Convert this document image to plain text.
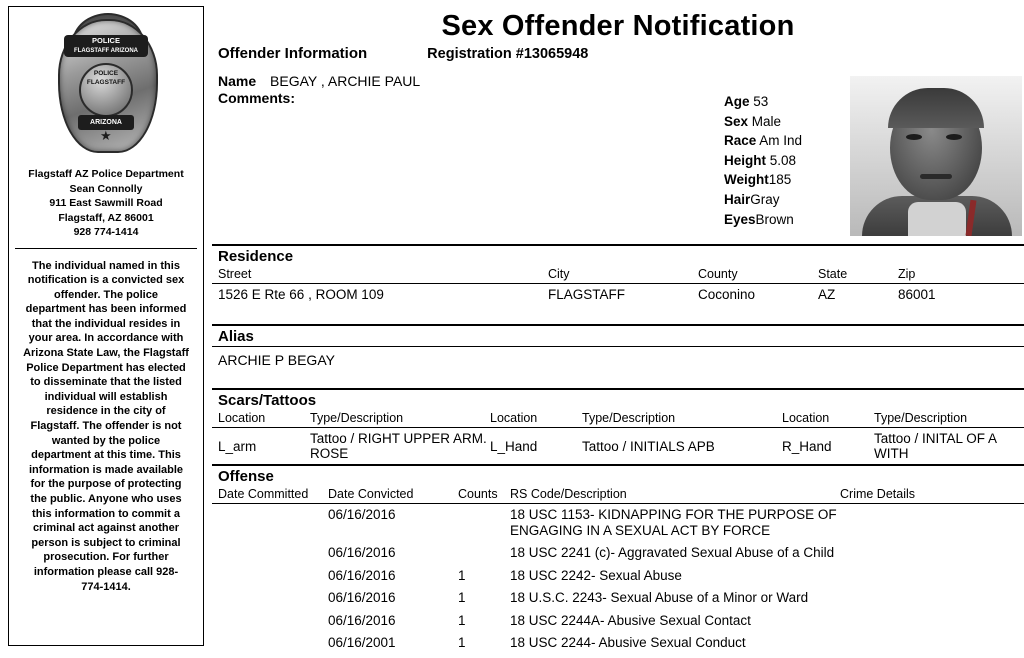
POLICE
FLAGSTAFF ARIZONA
POLICE FLAGSTAFF
ARIZONA
★
Flagstaff AZ Police Department
Sean Connolly
911 East Sawmill Road
Flagstaff, AZ 86001
928 774-1414
The individual named in this notification is a convicted sex offender. The police department has been informed that the individual resides in your area. In accordance with Arizona State Law, the Flagstaff Police Department has elected to disseminate that the listed individual will establish residence in the city of Flagstaff. The offender is not wanted by the police department at this time. This information is made available for the purpose of protecting the public. Anyone who uses this information to commit a criminal act against another person is subject to criminal prosecution. For further information please call 928-774-1414.
Sex Offender Notification
Offender Information	Registration #13065948
Name BEGAY , ARCHIE PAUL
Comments:	Age 53
Sex Male
Race Am Ind
Height 5.08
Weight185
HairGray
EyesBrown
Residence
Street	City	County	State	Zip
1526 E Rte 66 , ROOM 109	FLAGSTAFF	Coconino	AZ	86001
Alias
ARCHIE P BEGAY
Scars/Tattoos
Location	Type/Description	Location	Type/Description	Location	Type/Description
L_arm	Tattoo / RIGHT UPPER ARM. ROSE	L_Hand	Tattoo / INITIALS APB	R_Hand	Tattoo / INITAL OF A WITH
Offense
Date Committed	Date Convicted	Counts	RS Code/Description	Crime Details
	06/16/2016		18 USC 1153- KIDNAPPING FOR THE PURPOSE OF ENGAGING IN A SEXUAL ACT BY FORCE	
	06/16/2016		18 USC 2241 (c)- Aggravated Sexual Abuse of a Child	
	06/16/2016	1	18 USC 2242- Sexual Abuse	
	06/16/2016	1	18 U.S.C. 2243- Sexual Abuse of a Minor or Ward	
	06/16/2016	1	18 USC 2244A- Abusive Sexual Contact	
	06/16/2001	1	18 USC 2244- Abusive Sexual Conduct	
